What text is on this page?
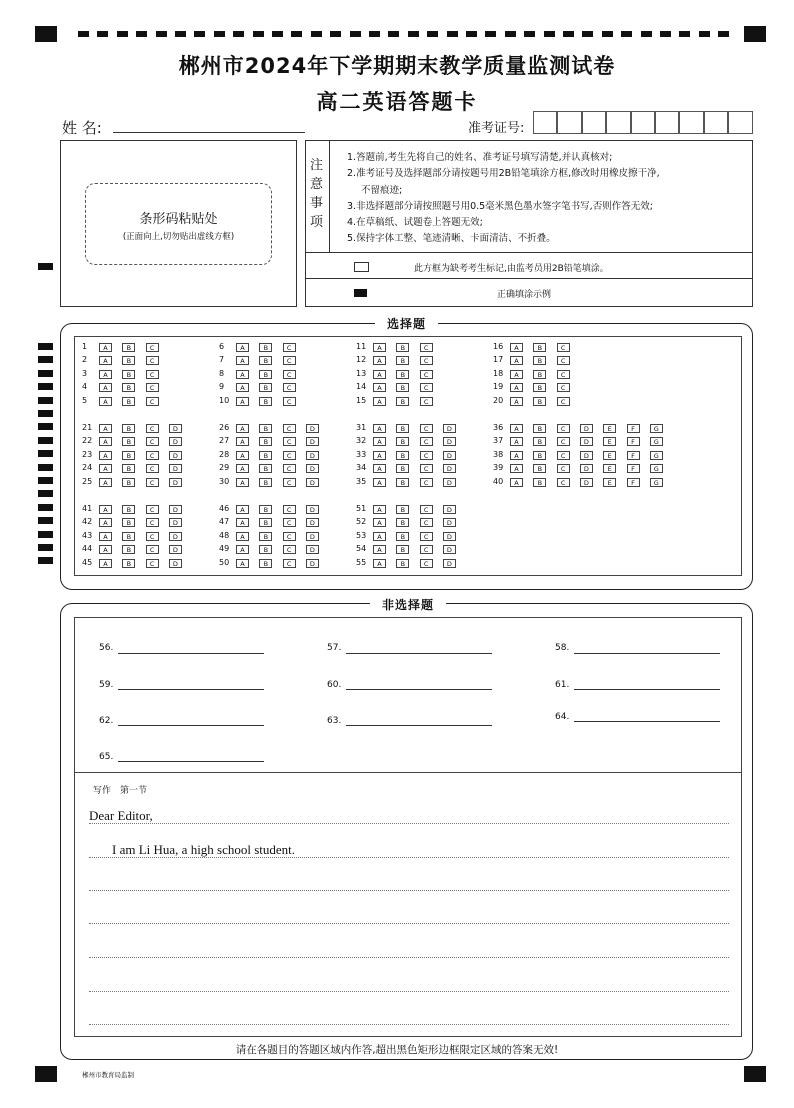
郴州市2024年下学期期末教学质量监测试卷
高二英语答题卡
姓 名:	准考证号:
条形码粘贴处
(正面向上,切勿贴出虚线方框)
注
意
事
项
1.答题前,考生先将自己的姓名、准考证号填写清楚,并认真核对;
2.准考证号及选择题部分请按题号用2B铅笔填涂方框,修改时用橡皮擦干净,
不留痕迹;
3.非选择题部分请按照题号用0.5毫米黑色墨水签字笔书写,否则作答无效;
4.在草稿纸、试题卷上答题无效;
5.保持字体工整、笔迹清晰、卡面清洁、不折叠。
此方框为缺考考生标记,由监考员用2B铅笔填涂。
正确填涂示例
选择题
1	A	B	C
2	A	B	C
3	A	B	C
4	A	B	C
5	A	B	C
6	A	B	C
7	A	B	C
8	A	B	C
9	A	B	C
10	A	B	C
11	A	B	C
12	A	B	C
13	A	B	C
14	A	B	C
15	A	B	C
16	A	B	C
17	A	B	C
18	A	B	C
19	A	B	C
20	A	B	C
21	A	B	C	D
22	A	B	C	D
23	A	B	C	D
24	A	B	C	D
25	A	B	C	D
26	A	B	C	D
27	A	B	C	D
28	A	B	C	D
29	A	B	C	D
30	A	B	C	D
31	A	B	C	D
32	A	B	C	D
33	A	B	C	D
34	A	B	C	D
35	A	B	C	D
36	A	B	C	D	E	F	G
37	A	B	C	D	E	F	G
38	A	B	C	D	E	F	G
39	A	B	C	D	E	F	G
40	A	B	C	D	E	F	G
41	A	B	C	D
42	A	B	C	D
43	A	B	C	D
44	A	B	C	D
45	A	B	C	D
46	A	B	C	D
47	A	B	C	D
48	A	B	C	D
49	A	B	C	D
50	A	B	C	D
51	A	B	C	D
52	A	B	C	D
53	A	B	C	D
54	A	B	C	D
55	A	B	C	D
非选择题
56.	57.	58.
59.	60.	61.
62.	63.	64.
65.
写作　第一节
Dear Editor,
I am Li Hua, a high school student.
请在各题目的答题区域内作答,超出黑色矩形边框限定区域的答案无效!
郴州市教育局监制
